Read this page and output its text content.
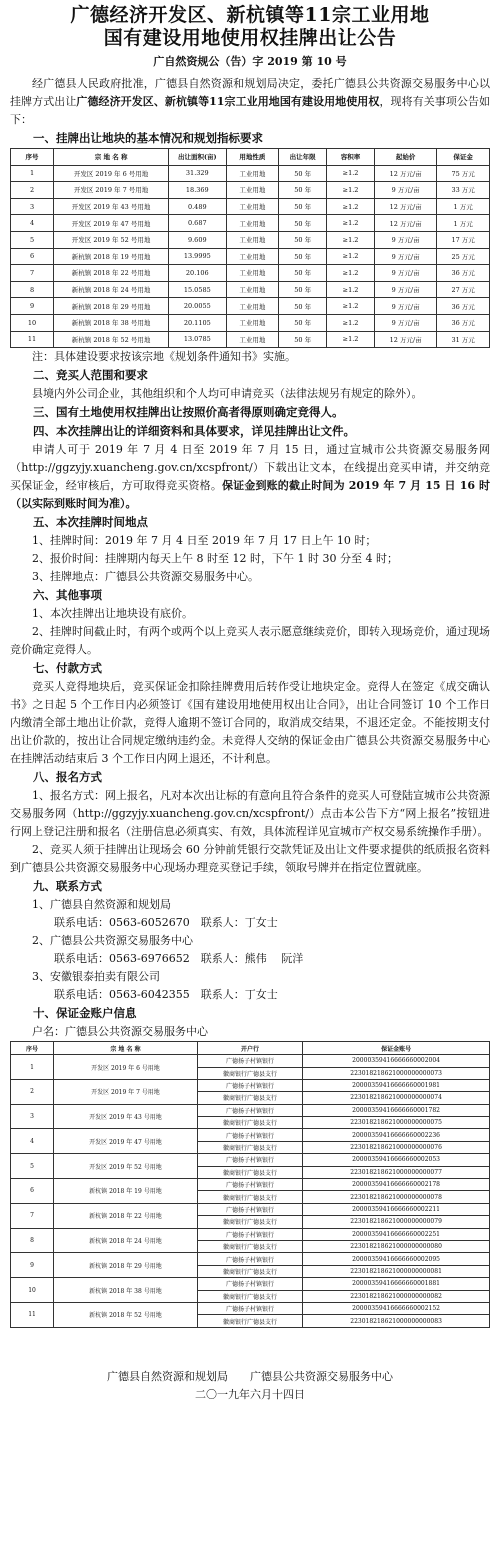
广德经济开发区、新杭镇等11宗工业用地
国有建设用地使用权挂牌出让公告
广自然资规公（告）字 2019 第 10 号

经广德县人民政府批准，广德县自然资源和规划局决定，委托广德县公共资源交易服务中心以挂牌方式出让广德经济开发区、新杭镇等11宗工业用地国有建设用地使用权，现将有关事项公告如下：

一、挂牌出让地块的基本情况和规划指标要求
序号	宗 地 名 称	出让面积(亩)	用地性质	出让年限	容积率	起始价	保证金
1	开发区 2019 年 6 号用地	31.329	工业用地	50 年	≥1.2	12 万元/亩	75 万元
2	开发区 2019 年 7 号用地	18.369	工业用地	50 年	≥1.2	9 万元/亩	33 万元
3	开发区 2019 年 43 号用地	0.489	工业用地	50 年	≥1.2	12 万元/亩	1 万元
4	开发区 2019 年 47 号用地	0.687	工业用地	50 年	≥1.2	12 万元/亩	1 万元
5	开发区 2019 年 52 号用地	9.609	工业用地	50 年	≥1.2	9 万元/亩	17 万元
6	新杭镇 2018 年 19 号用地	13.9995	工业用地	50 年	≥1.2	9 万元/亩	25 万元
7	新杭镇 2018 年 22 号用地	20.106	工业用地	50 年	≥1.2	9 万元/亩	36 万元
8	新杭镇 2018 年 24 号用地	15.0585	工业用地	50 年	≥1.2	9 万元/亩	27 万元
9	新杭镇 2018 年 29 号用地	20.0055	工业用地	50 年	≥1.2	9 万元/亩	36 万元
10	新杭镇 2018 年 38 号用地	20.1105	工业用地	50 年	≥1.2	9 万元/亩	36 万元
11	新杭镇 2018 年 52 号用地	13.0785	工业用地	50 年	≥1.2	12 万元/亩	31 万元

注：具体建设要求按该宗地《规划条件通知书》实施。

二、竞买人范围和要求

县境内外公司企业，其他组织和个人均可申请竞买（法律法规另有规定的除外）。

三、国有土地使用权挂牌出让按照价高者得原则确定竞得人。
四、本次挂牌出让的详细资料和具体要求，详见挂牌出让文件。

申请人可于 2019 年 7 月 4 日至 2019 年 7 月 15 日，通过宣城市公共资源交易服务网（http://ggzyjy.xuancheng.gov.cn/xcspfront/）下载出让文本，在线提出竞买申请，并交纳竞买保证金，经审核后，方可取得竞买资格。保证金到账的截止时间为 2019 年 7 月 15 日 16 时（以实际到账时间为准）。

五、本次挂牌时间地点

1、挂牌时间：2019 年 7 月 4 日至 2019 年 7 月 17 日上午 10 时；

2、报价时间：挂牌期内每天上午 8 时至 12 时，下午 1 时 30 分至 4 时；

3、挂牌地点：广德县公共资源交易服务中心。

六、其他事项

1、本次挂牌出让地块设有底价。

2、挂牌时间截止时，有两个或两个以上竞买人表示愿意继续竞价，即转入现场竞价，通过现场竞价确定竞得人。

七、付款方式

竞买人竞得地块后，竞买保证金扣除挂牌费用后转作受让地块定金。竞得人在签定《成交确认书》之日起 5 个工作日内必须签订《国有建设用地使用权出让合同》，出让合同签订 10 个工作日内缴清全部土地出让价款，竞得人逾期不签订合同的，取消成交结果，不退还定金。不能按期支付出让价款的，按出让合同规定缴纳违约金。未竞得人交纳的保证金由广德县公共资源交易服务中心在挂牌活动结束后 3 个工作日内网上退还，不计利息。

八、报名方式

1、报名方式：网上报名，凡对本次出让标的有意向且符合条件的竞买人可登陆宣城市公共资源交易服务网（http://ggzyjy.xuancheng.gov.cn/xcspfront/）点击本公告下方“网上报名”按钮进行网上登记注册和报名（注册信息必须真实、有效，具体流程详见宣城市产权交易系统操作手册）。

2、竞买人须于挂牌出让现场会 60 分钟前凭银行交款凭证及出让文件要求提供的纸质报名资料到广德县公共资源交易服务中心现场办理竞买登记手续，领取号牌并在指定位置就座。

九、联系方式

1、广德县自然资源和规划局

联系电话：0563-6052670　联系人：丁女士

2、广德县公共资源交易服务中心

联系电话：0563-6976652　联系人：熊伟　 阮洋

3、安徽银泰拍卖有限公司

联系电话：0563-6042355　联系人：丁女士

十、保证金账户信息

户名：广德县公共资源交易服务中心

序号	宗 地 名 称	开户行	保证金账号
1	开发区 2019 年 6 号用地	广德扬子村镇银行	20000359416666660002004
		徽商银行广德县支行	223018218621000000000073
2	开发区 2019 年 7 号用地	广德扬子村镇银行	20000359416666660001981
		徽商银行广德县支行	223018218621000000000074
3	开发区 2019 年 43 号用地	广德扬子村镇银行	20000359416666660001782
		徽商银行广德县支行	223018218621000000000075
4	开发区 2019 年 47 号用地	广德扬子村镇银行	20000359416666660002236
		徽商银行广德县支行	223018218621000000000076
5	开发区 2019 年 52 号用地	广德扬子村镇银行	20000359416666660002053
		徽商银行广德县支行	223018218621000000000077
6	新杭镇 2018 年 19 号用地	广德扬子村镇银行	20000359416666660002178
		徽商银行广德县支行	223018218621000000000078
7	新杭镇 2018 年 22 号用地	广德扬子村镇银行	20000359416666660002211
		徽商银行广德县支行	223018218621000000000079
8	新杭镇 2018 年 24 号用地	广德扬子村镇银行	20000359416666660002251
		徽商银行广德县支行	223018218621000000000080
9	新杭镇 2018 年 29 号用地	广德扬子村镇银行	20000359416666660002095
		徽商银行广德县支行	223018218621000000000081
10	新杭镇 2018 年 38 号用地	广德扬子村镇银行	20000359416666660001881
		徽商银行广德县支行	223018218621000000000082
11	新杭镇 2018 年 52 号用地	广德扬子村镇银行	20000359416666660002152
		徽商银行广德县支行	223018218621000000000083
广德县自然资源和规划局　　广德县公共资源交易服务中心
二〇一九年六月十四日
